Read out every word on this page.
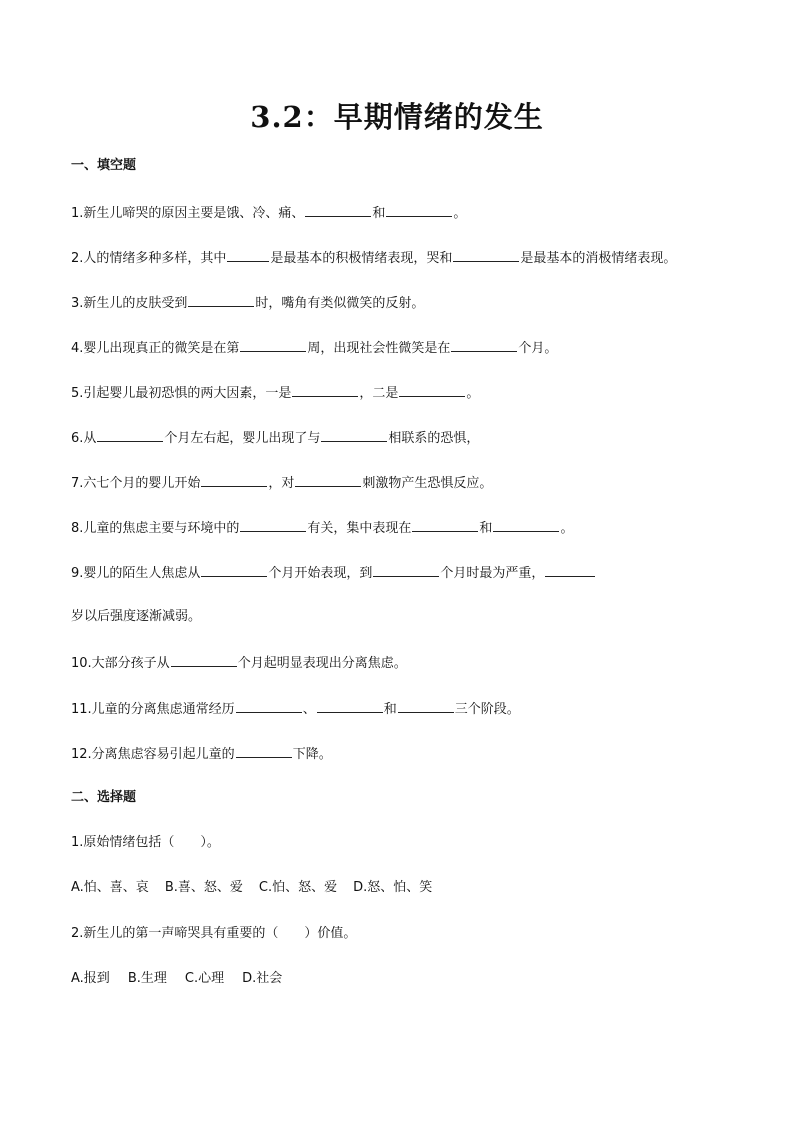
3.2：早期情绪的发生
一、填空题
1.新生儿啼哭的原因主要是饿、冷、痛、	和	。
2.人的情绪多种多样，其中	是最基本的积极情绪表现，哭和	是最基本的消极情绪表现。
3.新生儿的皮肤受到	时，嘴角有类似微笑的反射。
4.婴儿出现真正的微笑是在第	周，出现社会性微笑是在	个月。
5.引起婴儿最初恐惧的两大因素，一是	，二是	。
6.从	个月左右起，婴儿出现了与	相联系的恐惧，
7.六七个月的婴儿开始	，对	刺激物产生恐惧反应。
8.儿童的焦虑主要与环境中的	有关，集中表现在	和	。
9.婴儿的陌生人焦虑从	个月开始表现，到	个月时最为严重，
岁以后强度逐渐减弱。
10.大部分孩子从	个月起明显表现出分离焦虑。
11.儿童的分离焦虑通常经历	、	和	三个阶段。
12.分离焦虑容易引起儿童的	下降。
二、选择题
1.原始情绪包括（　　）。
A.怕、喜、哀 B.喜、怒、爱 C.怕、怒、爱 D.怒、怕、笑
2.新生儿的第一声啼哭具有重要的（　　）价值。
A.报到 B.生理 C.心理 D.社会
